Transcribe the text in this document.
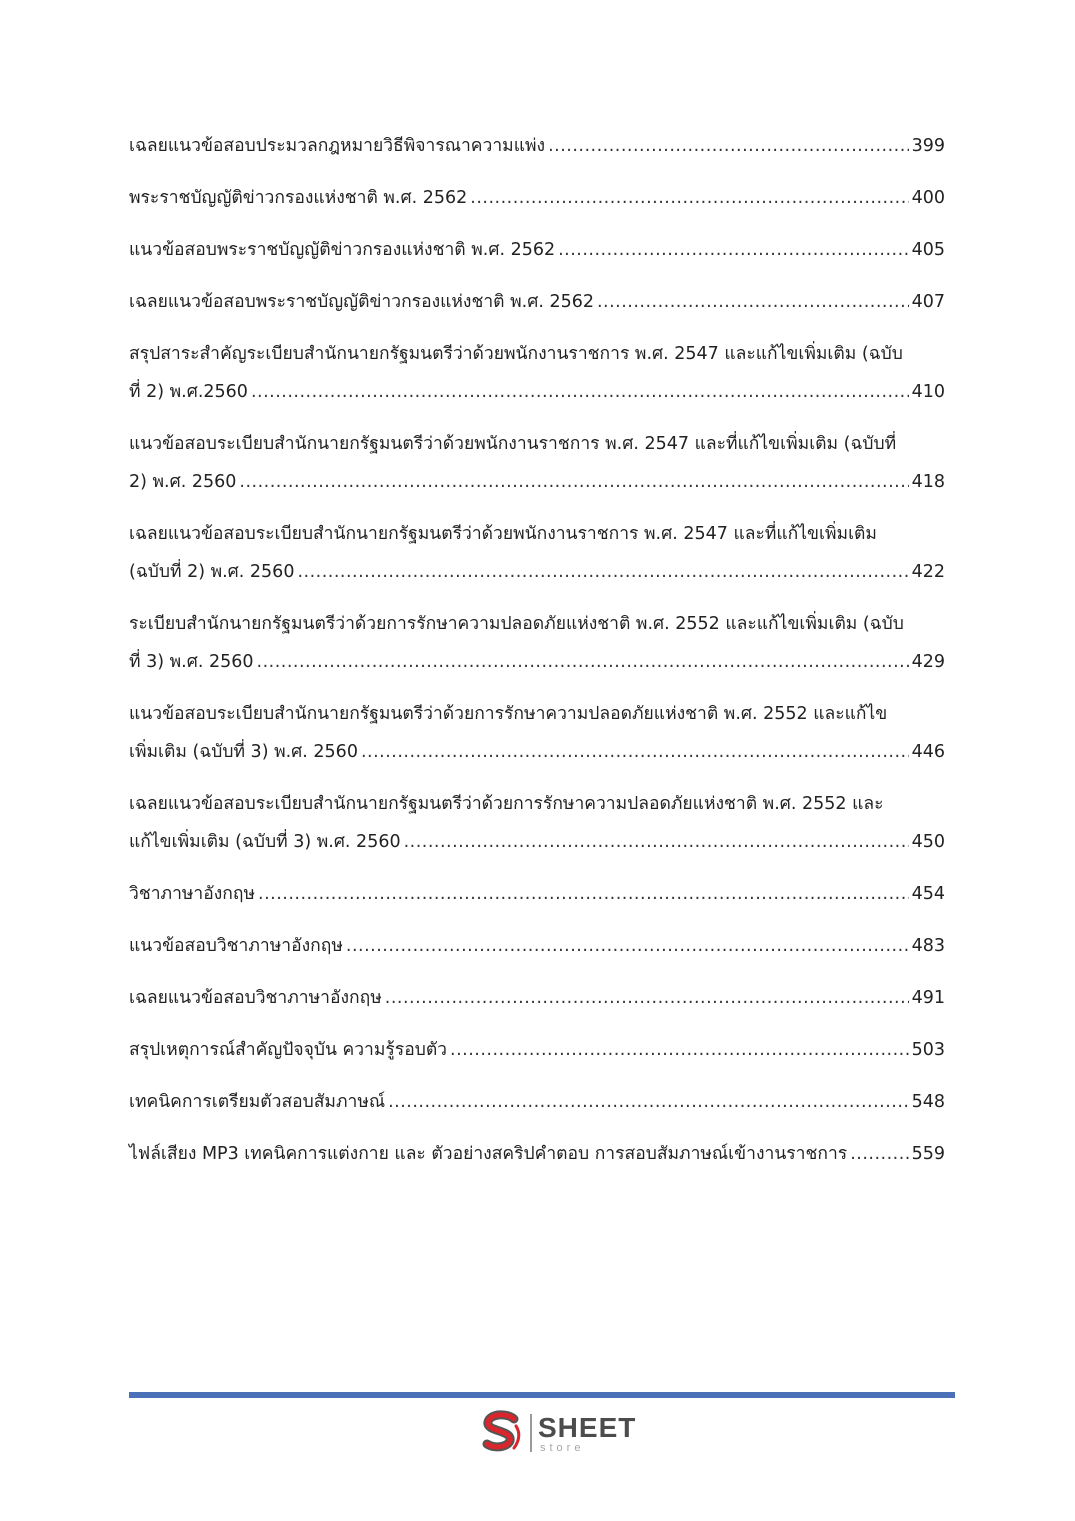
เฉลยแนวข้อสอบประมวลกฎหมายวิธีพิจารณาความแพ่ง .....	399
พระราชบัญญัติข่าวกรองแห่งชาติ พ.ศ. 2562 .....	400
แนวข้อสอบพระราชบัญญัติข่าวกรองแห่งชาติ พ.ศ. 2562 .....	405
เฉลยแนวข้อสอบพระราชบัญญัติข่าวกรองแห่งชาติ พ.ศ. 2562 .....	407
สรุปสาระสำคัญระเบียบสำนักนายกรัฐมนตรีว่าด้วยพนักงานราชการ พ.ศ. 2547 และแก้ไขเพิ่มเติม (ฉบับ
ที่ 2) พ.ศ.2560 .....	410
แนวข้อสอบระเบียบสำนักนายกรัฐมนตรีว่าด้วยพนักงานราชการ พ.ศ. 2547 และที่แก้ไขเพิ่มเติม (ฉบับที่
2) พ.ศ. 2560 .....	418
เฉลยแนวข้อสอบระเบียบสำนักนายกรัฐมนตรีว่าด้วยพนักงานราชการ พ.ศ. 2547 และที่แก้ไขเพิ่มเติม
(ฉบับที่ 2) พ.ศ. 2560 .....	422
ระเบียบสำนักนายกรัฐมนตรีว่าด้วยการรักษาความปลอดภัยแห่งชาติ พ.ศ. 2552 และแก้ไขเพิ่มเติม (ฉบับ
ที่ 3) พ.ศ. 2560 .....	429
แนวข้อสอบระเบียบสำนักนายกรัฐมนตรีว่าด้วยการรักษาความปลอดภัยแห่งชาติ พ.ศ. 2552 และแก้ไข
เพิ่มเติม (ฉบับที่ 3) พ.ศ. 2560 .....	446
เฉลยแนวข้อสอบระเบียบสำนักนายกรัฐมนตรีว่าด้วยการรักษาความปลอดภัยแห่งชาติ พ.ศ. 2552 และ
แก้ไขเพิ่มเติม (ฉบับที่ 3) พ.ศ. 2560 .....	450
วิชาภาษาอังกฤษ .....	454
แนวข้อสอบวิชาภาษาอังกฤษ .....	483
เฉลยแนวข้อสอบวิชาภาษาอังกฤษ .....	491
สรุปเหตุการณ์สำคัญปัจจุบัน ความรู้รอบตัว .....	503
เทคนิคการเตรียมตัวสอบสัมภาษณ์ .....	548
ไฟล์เสียง MP3 เทคนิคการแต่งกาย และ ตัวอย่างสคริปคำตอบ การสอบสัมภาษณ์เข้างานราชการ .....	559
SHEET
store
